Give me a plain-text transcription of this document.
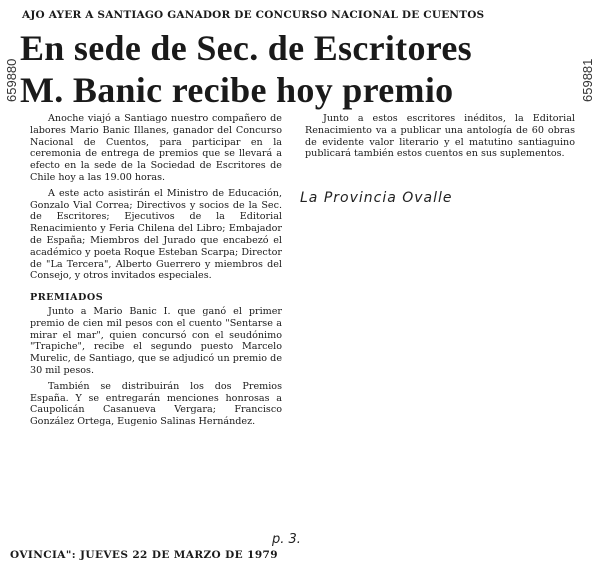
AJO AYER A SANTIAGO GANADOR DE CONCURSO NACIONAL DE CUENTOS
En sede de Sec. de Escritores
M. Banic recibe hoy premio
659880	659881

Anoche viajó a Santiago nuestro compañero de labores Mario Banic Illanes, ganador del Concurso Nacional de Cuentos, para participar en la ceremonia de entrega de premios que se llevará a efecto en la sede de la Sociedad de Escritores de Chile hoy a las 19.00 horas.

A este acto asistirán el Ministro de Educación, Gonzalo Vial Correa; Directivos y socios de la Sec. de Escritores; Ejecutivos de la Editorial Renacimiento y Feria Chilena del Libro; Embajador de España; Miembros del Jurado que encabezó el académico y poeta Roque Esteban Scarpa; Director de "La Tercera", Alberto Guerrero y miembros del Consejo, y otros invitados especiales.

PREMIADOS

Junto a Mario Banic I. que ganó el primer premio de cien mil pesos con el cuento "Sentarse a mirar el mar", quien concursó con el seudónimo "Trapiche", recibe el segundo puesto Marcelo Murelic, de Santiago, que se adjudicó un premio de 30 mil pesos.

También se distribuirán los dos Premios España. Y se entregarán menciones honrosas a Caupolicán Casanueva Vergara; Francisco González Ortega, Eugenio Salinas Hernández.

Junto a estos escritores inéditos, la Editorial Renacimiento va a publicar una antología de 60 obras de evidente valor literario y el matutino santiaguino publicará también estos cuentos en sus suplementos.

La Provincia Ovalle
p. 3.
OVINCIA": JUEVES 22 DE MARZO DE 1979
